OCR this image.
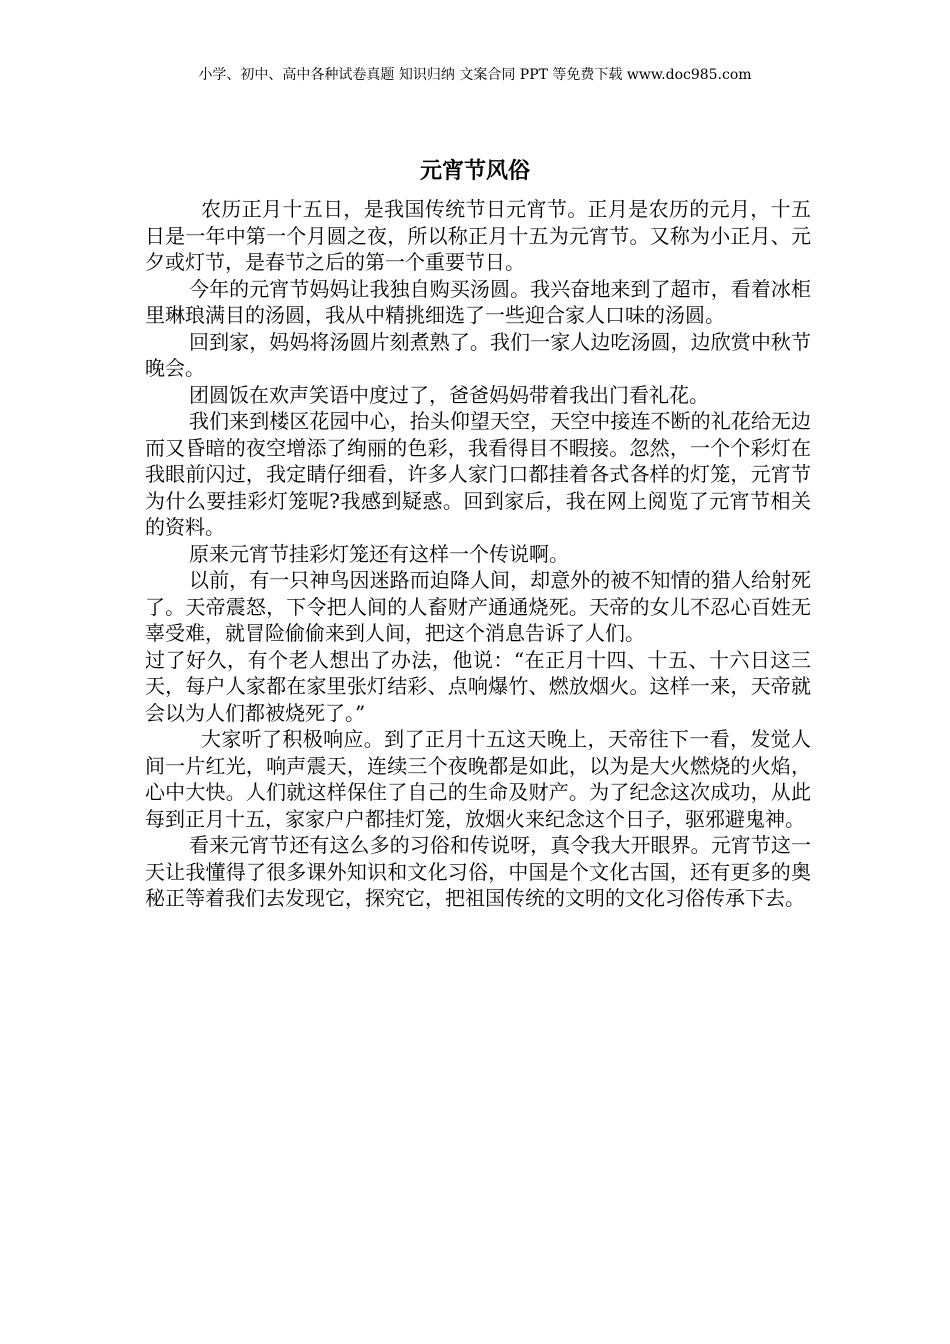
小学、初中、高中各种试卷真题 知识归纳 文案合同 PPT 等免费下载 www.doc985.com
元宵节风俗

农历正月十五日，是我国传统节日元宵节。正月是农历的元月，十五日是一年中第一个月圆之夜，所以称正月十五为元宵节。又称为小正月、元夕或灯节，是春节之后的第一个重要节日。

今年的元宵节妈妈让我独自购买汤圆。我兴奋地来到了超市，看着冰柜里琳琅满目的汤圆，我从中精挑细选了一些迎合家人口味的汤圆。

回到家，妈妈将汤圆片刻煮熟了。我们一家人边吃汤圆，边欣赏中秋节晚会。

团圆饭在欢声笑语中度过了，爸爸妈妈带着我出门看礼花。

我们来到楼区花园中心，抬头仰望天空，天空中接连不断的礼花给无边而又昏暗的夜空增添了绚丽的色彩，我看得目不暇接。忽然，一个个彩灯在我眼前闪过，我定睛仔细看，许多人家门口都挂着各式各样的灯笼，元宵节为什么要挂彩灯笼呢?我感到疑惑。回到家后，我在网上阅览了元宵节相关的资料。

原来元宵节挂彩灯笼还有这样一个传说啊。

以前，有一只神鸟因迷路而迫降人间，却意外的被不知情的猎人给射死了。天帝震怒，下令把人间的人畜财产通通烧死。天帝的女儿不忍心百姓无辜受难，就冒险偷偷来到人间，把这个消息告诉了人们。

过了好久，有个老人想出了办法，他说：“在正月十四、十五、十六日这三天，每户人家都在家里张灯结彩、点响爆竹、燃放烟火。这样一来，天帝就会以为人们都被烧死了。”

大家听了积极响应。到了正月十五这天晚上，天帝往下一看，发觉人间一片红光，响声震天，连续三个夜晚都是如此，以为是大火燃烧的火焰，心中大快。人们就这样保住了自己的生命及财产。为了纪念这次成功，从此每到正月十五，家家户户都挂灯笼，放烟火来纪念这个日子，驱邪避鬼神。

看来元宵节还有这么多的习俗和传说呀，真令我大开眼界。元宵节这一天让我懂得了很多课外知识和文化习俗，中国是个文化古国，还有更多的奥秘正等着我们去发现它，探究它，把祖国传统的文明的文化习俗传承下去。
